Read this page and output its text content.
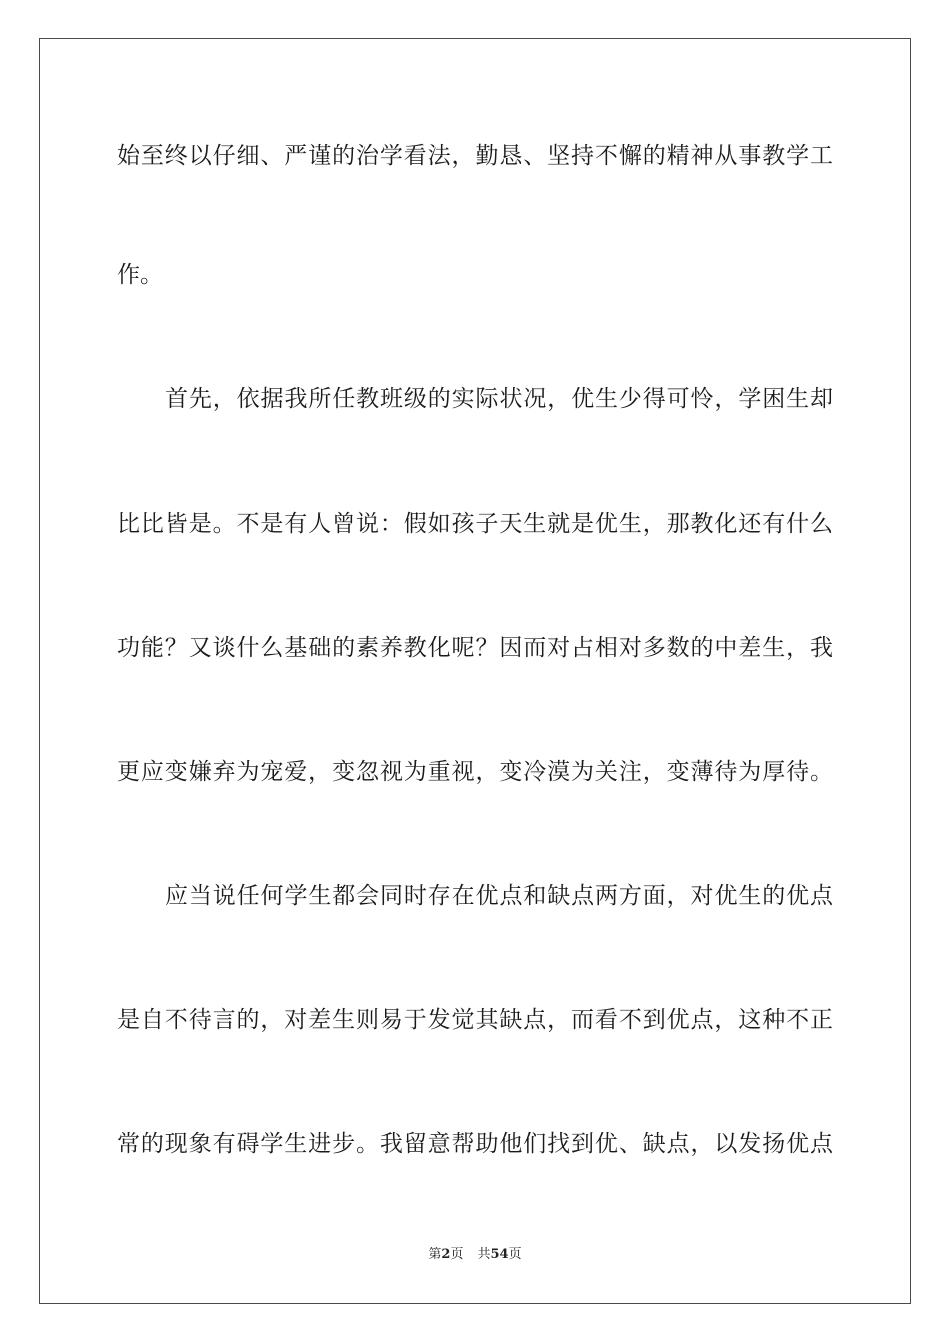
始至终以仔细、严谨的治学看法，勤恳、坚持不懈的精神从事教学工
作。
首先，依据我所任教班级的实际状况，优生少得可怜，学困生却
比比皆是。不是有人曾说：假如孩子天生就是优生，那教化还有什么
功能？又谈什么基础的素养教化呢？因而对占相对多数的中差生，我
更应变嫌弃为宠爱，变忽视为重视，变冷漠为关注，变薄待为厚待。
应当说任何学生都会同时存在优点和缺点两方面，对优生的优点
是自不待言的，对差生则易于发觉其缺点，而看不到优点，这种不正
常的现象有碍学生进步。我留意帮助他们找到优、缺点，以发扬优点
第2页 共54页
